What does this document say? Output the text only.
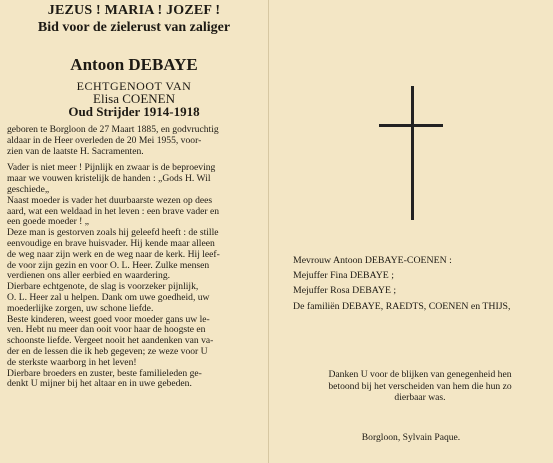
JEZUS ! MARIA ! JOZEF !
Bid voor de zielerust van zaliger
Antoon DEBAYE
ECHTGENOOT VAN
Elisa COENEN
Oud Strijder 1914-1918
geboren te Borgloon de 27 Maart 1885, en godvruchtig
aldaar in de Heer overleden de 20 Mei 1955, voor-
zien van de laatste H. Sacramenten.
Vader is niet meer ! Pijnlijk en zwaar is de beproeving
maar we vouwen kristelijk de handen : „Gods H. Wil
geschiede„
Naast moeder is vader het duurbaarste wezen op dees
aard, wat een weldaad in het leven : een brave vader en
een goede moeder ! „
Deze man is gestorven zoals hij geleefd heeft : de stille
eenvoudige en brave huisvader. Hij kende maar alleen
de weg naar zijn werk en de weg naar de kerk. Hij leef-
de voor zijn gezin en voor O. L. Heer. Zulke mensen
verdienen ons aller eerbied en waardering.
Dierbare echtgenote, de slag is voorzeker pijnlijk,
O. L. Heer zal u helpen. Dank om uwe goedheid, uw
moederlijke zorgen, uw schone liefde.
Beste kinderen, weest goed voor moeder gans uw le-
ven. Hebt nu meer dan ooit voor haar de hoogste en
schoonste liefde. Vergeet nooit het aandenken van va-
der en de lessen die ik heb gegeven; ze weze voor U
de sterkste waarborg in het leven!
Dierbare broeders en zuster, beste familieleden ge-
denkt U mijner bij het altaar en in uwe gebeden.
Mevrouw Antoon DEBAYE-COENEN :
Mejuffer Fina DEBAYE ;
Mejuffer Rosa DEBAYE ;
De familiën DEBAYE, RAEDTS, COENEN en THIJS,
Danken U voor de blijken van genegenheid hen
betoond bij het verscheiden van hem die hun zo
dierbaar was.
Borgloon, Sylvain Paque.
